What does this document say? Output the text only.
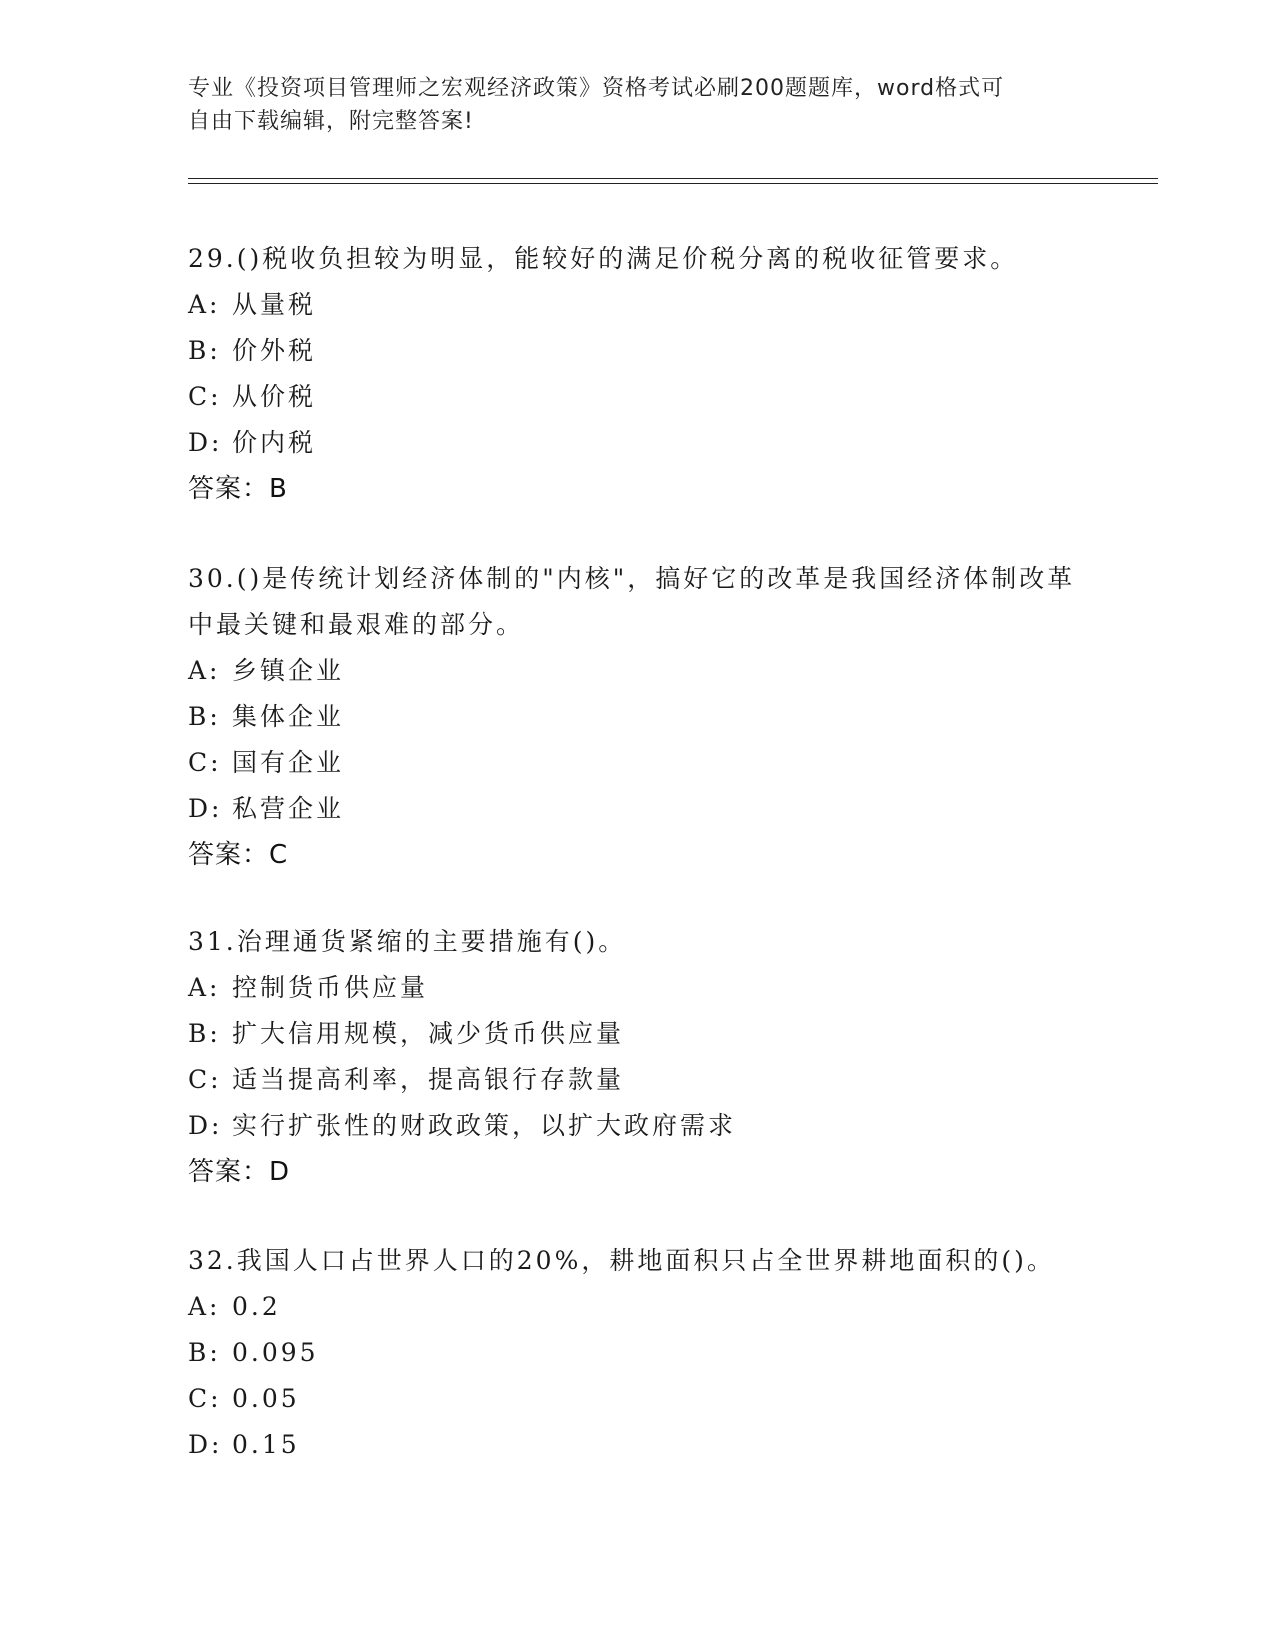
专业《投资项目管理师之宏观经济政策》资格考试必刷200题题库，word格式可
自由下载编辑，附完整答案!
29.()税收负担较为明显，能较好的满足价税分离的税收征管要求。
A: 从量税
B: 价外税
C: 从价税
D: 价内税
答案：B
30.()是传统计划经济体制的"内核"，搞好它的改革是我国经济体制改革中最关键和最艰难的部分。
A: 乡镇企业
B: 集体企业
C: 国有企业
D: 私营企业
答案：C
31.治理通货紧缩的主要措施有()。
A: 控制货币供应量
B: 扩大信用规模，减少货币供应量
C: 适当提高利率，提高银行存款量
D: 实行扩张性的财政政策，以扩大政府需求
答案：D
32.我国人口占世界人口的20%，耕地面积只占全世界耕地面积的()。
A: 0.2
B: 0.095
C: 0.05
D: 0.15
